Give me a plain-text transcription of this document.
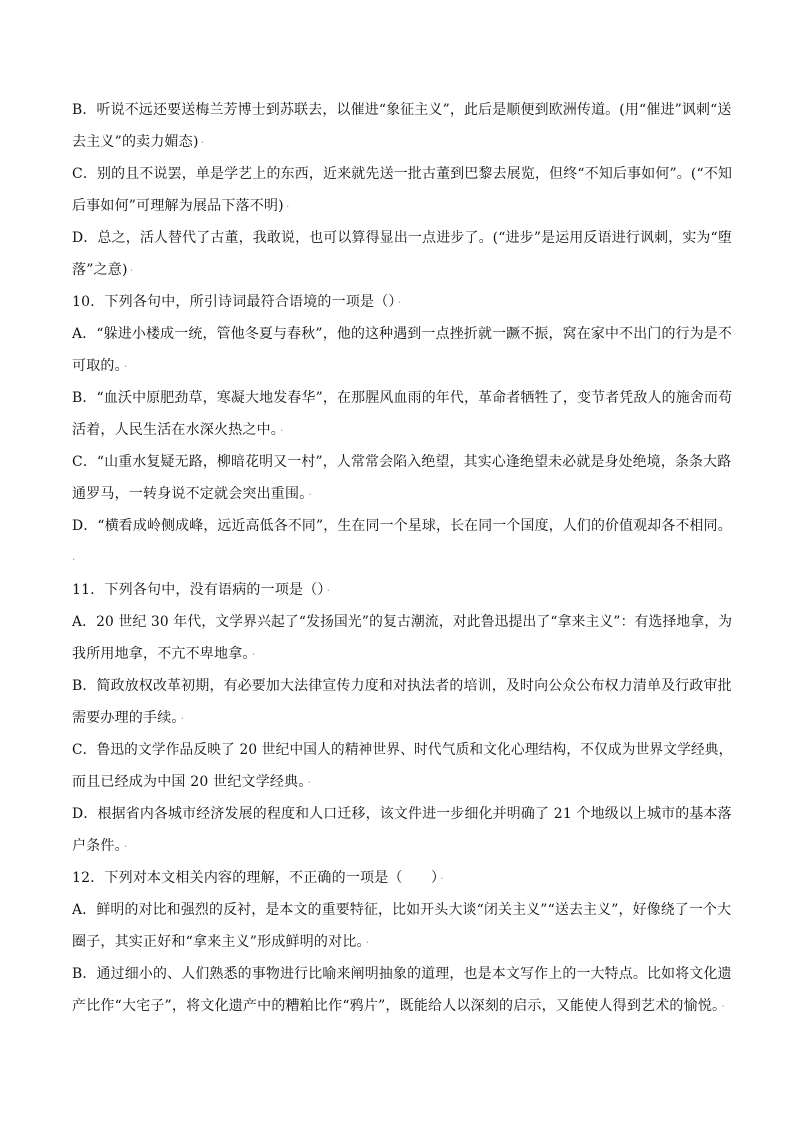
B．听说不远还要送梅兰芳博士到苏联去，以催进“象征主义”，此后是顺便到欧洲传道。(用“催进”讽刺“送
去主义”的卖力媚态) ·
C．别的且不说罢，单是学艺上的东西，近来就先送一批古董到巴黎去展览，但终“不知后事如何”。(“不知
后事如何”可理解为展品下落不明) ·
D．总之，活人替代了古董，我敢说，也可以算得显出一点进步了。(“进步”是运用反语进行讽刺，实为“堕
落”之意) ·
10．下列各句中，所引诗词最符合语境的一项是（） ·
A．“躲进小楼成一统，管他冬夏与春秋”，他的这种遇到一点挫折就一蹶不振，窝在家中不出门的行为是不
可取的。 ·
B．“血沃中原肥劲草，寒凝大地发春华”，在那腥风血雨的年代，革命者牺牲了，变节者凭敌人的施舍而苟
活着，人民生活在水深火热之中。 ·
C．“山重水复疑无路，柳暗花明又一村”，人常常会陷入绝望，其实心逢绝望未必就是身处绝境，条条大路
通罗马，一转身说不定就会突出重围。 ·
D．“横看成岭侧成峰，远近高低各不同”，生在同一个星球，长在同一个国度，人们的价值观却各不相同。
·
11．下列各句中，没有语病的一项是（） ·
A．20 世纪 30 年代，文学界兴起了“发扬国光”的复古潮流，对此鲁迅提出了“拿来主义”：有选择地拿，为
我所用地拿，不亢不卑地拿。 ·
B．简政放权改革初期，有必要加大法律宣传力度和对执法者的培训，及时向公众公布权力清单及行政审批
需要办理的手续。 ·
C．鲁迅的文学作品反映了 20 世纪中国人的精神世界、时代气质和文化心理结构，不仅成为世界文学经典，
而且已经成为中国 20 世纪文学经典。 ·
D．根据省内各城市经济发展的程度和人口迁移，该文件进一步细化并明确了 21 个地级以上城市的基本落
户条件。 ·
12．下列对本文相关内容的理解，不正确的一项是（　　） ·
A．鲜明的对比和强烈的反衬，是本文的重要特征，比如开头大谈“闭关主义”“送去主义”，好像绕了一个大
圈子，其实正好和“拿来主义”形成鲜明的对比。 ·
B．通过细小的、人们熟悉的事物进行比喻来阐明抽象的道理，也是本文写作上的一大特点。比如将文化遗
产比作“大宅子”，将文化遗产中的糟粕比作“鸦片”，既能给人以深刻的启示，又能使人得到艺术的愉悦。 ·
